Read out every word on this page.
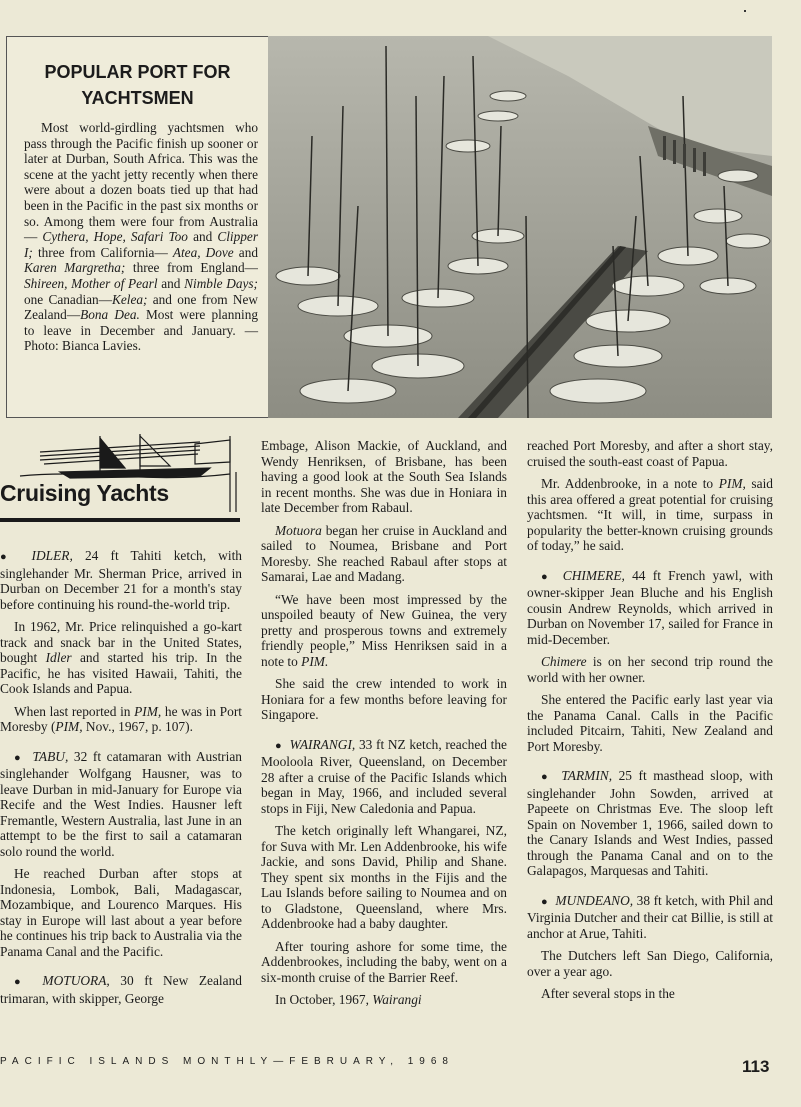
POPULAR PORT FOR
YACHTSMEN

Most world-girdling yachtsmen who pass through the Pacific finish up sooner or later at Durban, South Africa. This was the scene at the yacht jetty recently when there were about a dozen boats tied up that had been in the Pacific in the past six months or so. Among them were four from Australia — Cythera, Hope, Safari Too and Clipper I; three from California— Atea, Dove and Karen Margretha; three from England—Shireen, Mother of Pearl and Nimble Days; one Canadian—Kelea; and one from New Zealand—Bona Dea. Most were planning to leave in December and January. — Photo: Bianca Lavies.

Cruising Yachts

● IDLER, 24 ft Tahiti ketch, with singlehander Mr. Sherman Price, arrived in Durban on December 21 for a month's stay before continuing his round-the-world trip.

In 1962, Mr. Price relinquished a go-kart track and snack bar in the United States, bought Idler and started his trip. In the Pacific, he has visited Hawaii, Tahiti, the Cook Islands and Papua.

When last reported in PIM, he was in Port Moresby (PIM, Nov., 1967, p. 107).

● TABU, 32 ft catamaran with Austrian singlehander Wolfgang Hausner, was to leave Durban in mid-January for Europe via Recife and the West Indies. Hausner left Fremantle, Western Australia, last June in an attempt to be the first to sail a catamaran solo round the world.

He reached Durban after stops at Indonesia, Lombok, Bali, Madagascar, Mozambique, and Lourenco Marques. His stay in Europe will last about a year before he continues his trip back to Australia via the Panama Canal and the Pacific.

● MOTUORA, 30 ft New Zealand trimaran, with skipper, George

Embage, Alison Mackie, of Auckland, and Wendy Henriksen, of Brisbane, has been having a good look at the South Sea Islands in recent months. She was due in Honiara in late December from Rabaul.

Motuora began her cruise in Auckland and sailed to Noumea, Brisbane and Port Moresby. She reached Rabaul after stops at Samarai, Lae and Madang.

“We have been most impressed by the unspoiled beauty of New Guinea, the very pretty and prosperous towns and extremely friendly people,” Miss Henriksen said in a note to PIM.

She said the crew intended to work in Honiara for a few months before leaving for Singapore.

● WAIRANGI, 33 ft NZ ketch, reached the Mooloola River, Queensland, on December 28 after a cruise of the Pacific Islands which began in May, 1966, and included several stops in Fiji, New Caledonia and Papua.

The ketch originally left Whangarei, NZ, for Suva with Mr. Len Addenbrooke, his wife Jackie, and sons David, Philip and Shane. They spent six months in the Fijis and the Lau Islands before sailing to Noumea and on to Gladstone, Queensland, where Mrs. Addenbrooke had a baby daughter.

After touring ashore for some time, the Addenbrookes, including the baby, went on a six-month cruise of the Barrier Reef.

In October, 1967, Wairangi

reached Port Moresby, and after a short stay, cruised the south-east coast of Papua.

Mr. Addenbrooke, in a note to PIM, said this area offered a great potential for cruising yachtsmen. “It will, in time, surpass in popularity the better-known cruising grounds of today,” he said.

● CHIMERE, 44 ft French yawl, with owner-skipper Jean Bluche and his English cousin Andrew Reynolds, which arrived in Durban on November 17, sailed for France in mid-December.

Chimere is on her second trip round the world with her owner.

She entered the Pacific early last year via the Panama Canal. Calls in the Pacific included Pitcairn, Tahiti, New Zealand and Port Moresby.

● TARMIN, 25 ft masthead sloop, with singlehander John Sowden, arrived at Papeete on Christmas Eve. The sloop left Spain on November 1, 1966, sailed down to the Canary Islands and West Indies, passed through the Panama Canal and on to the Galapagos, Marquesas and Tahiti.

● MUNDEANO, 38 ft ketch, with Phil and Virginia Dutcher and their cat Billie, is still at anchor at Arue, Tahiti.

The Dutchers left San Diego, California, over a year ago.

After several stops in the

PACIFIC ISLANDS MONTHLY—FEBRUARY, 1968	113
